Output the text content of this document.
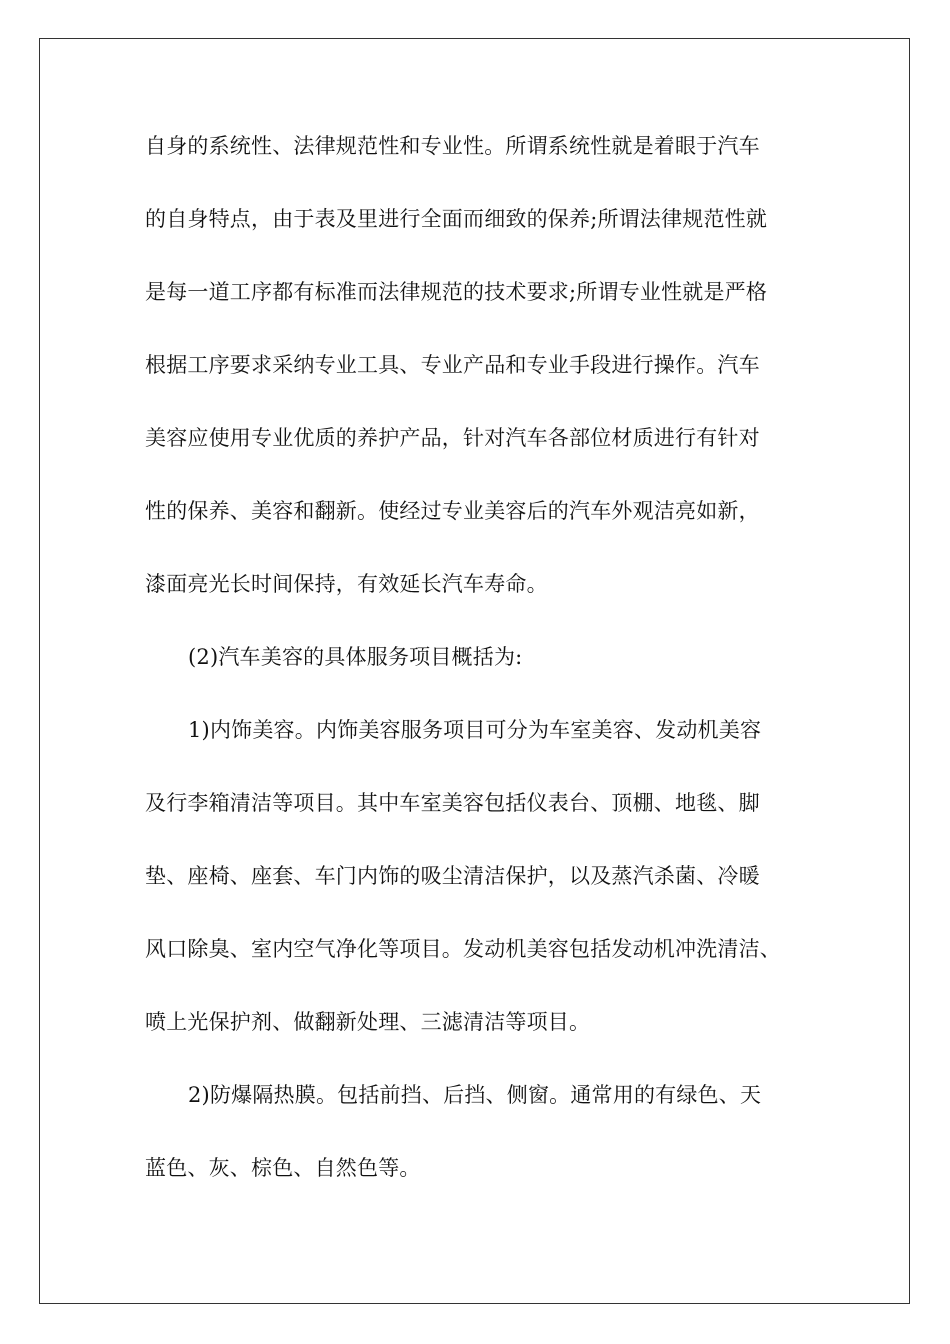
自身的系统性、法律规范性和专业性。所谓系统性就是着眼于汽车
的自身特点，由于表及里进行全面而细致的保养;所谓法律规范性就
是每一道工序都有标准而法律规范的技术要求;所谓专业性就是严格
根据工序要求采纳专业工具、专业产品和专业手段进行操作。汽车
美容应使用专业优质的养护产品，针对汽车各部位材质进行有针对
性的保养、美容和翻新。使经过专业美容后的汽车外观洁亮如新，
漆面亮光长时间保持，有效延长汽车寿命。
(2)汽车美容的具体服务项目概括为:
1)内饰美容。内饰美容服务项目可分为车室美容、发动机美容
及行李箱清洁等项目。其中车室美容包括仪表台、顶棚、地毯、脚
垫、座椅、座套、车门内饰的吸尘清洁保护，以及蒸汽杀菌、冷暖
风口除臭、室内空气净化等项目。发动机美容包括发动机冲洗清洁、
喷上光保护剂、做翻新处理、三滤清洁等项目。
2)防爆隔热膜。包括前挡、后挡、侧窗。通常用的有绿色、天
蓝色、灰、棕色、自然色等。
